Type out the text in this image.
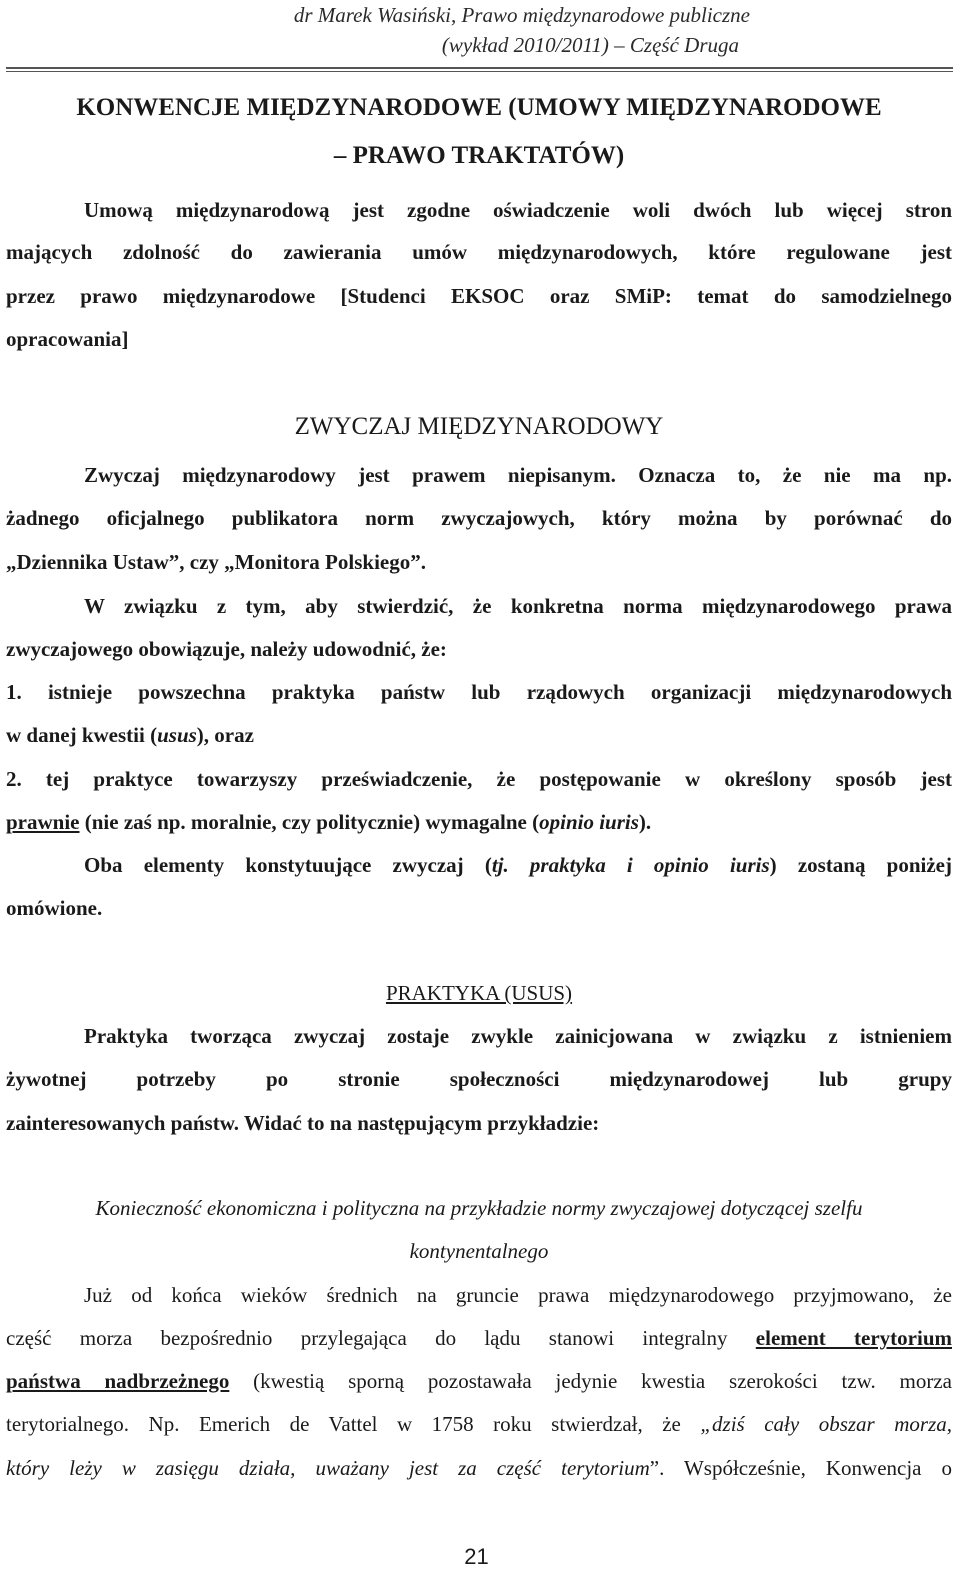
dr Marek Wasiński, Prawo międzynarodowe publiczne
(wykład 2010/2011) – Część Druga
KONWENCJE MIĘDZYNARODOWE (UMOWY MIĘDZYNARODOWE
– PRAWO TRAKTATÓW)
Umową międzynarodową jest zgodne oświadczenie woli dwóch lub więcej stron
mających zdolność do zawierania umów międzynarodowych, które regulowane jest
przez prawo międzynarodowe [Studenci EKSOC oraz SMiP: temat do samodzielnego
opracowania]
ZWYCZAJ MIĘDZYNARODOWY
Zwyczaj międzynarodowy jest prawem niepisanym. Oznacza to, że nie ma np.
żadnego oficjalnego publikatora norm zwyczajowych, który można by porównać do
„Dziennika Ustaw”, czy „Monitora Polskiego”.
W związku z tym, aby stwierdzić, że konkretna norma międzynarodowego prawa
zwyczajowego obowiązuje, należy udowodnić, że:
1. istnieje powszechna praktyka państw lub rządowych organizacji międzynarodowych
w danej kwestii (usus), oraz
2. tej praktyce towarzyszy przeświadczenie, że postępowanie w określony sposób jest
prawnie (nie zaś np. moralnie, czy politycznie) wymagalne (opinio iuris).
Oba elementy konstytuujące zwyczaj (tj. praktyka i opinio iuris) zostaną poniżej
omówione.
PRAKTYKA (USUS)
Praktyka tworząca zwyczaj zostaje zwykle zainicjowana w związku z istnieniem
żywotnej potrzeby po stronie społeczności międzynarodowej lub grupy
zainteresowanych państw. Widać to na następującym przykładzie:
Konieczność ekonomiczna i polityczna na przykładzie normy zwyczajowej dotyczącej szelfu
kontynentalnego
Już od końca wieków średnich na gruncie prawa międzynarodowego przyjmowano, że
część morza bezpośrednio przylegająca do lądu stanowi integralny element terytorium
państwa nadbrzeżnego (kwestią sporną pozostawała jedynie kwestia szerokości tzw. morza
terytorialnego. Np. Emerich de Vattel w 1758 roku stwierdzał, że „dziś cały obszar morza,
który leży w zasięgu działa, uważany jest za część terytorium”. Współcześnie, Konwencja o
21
